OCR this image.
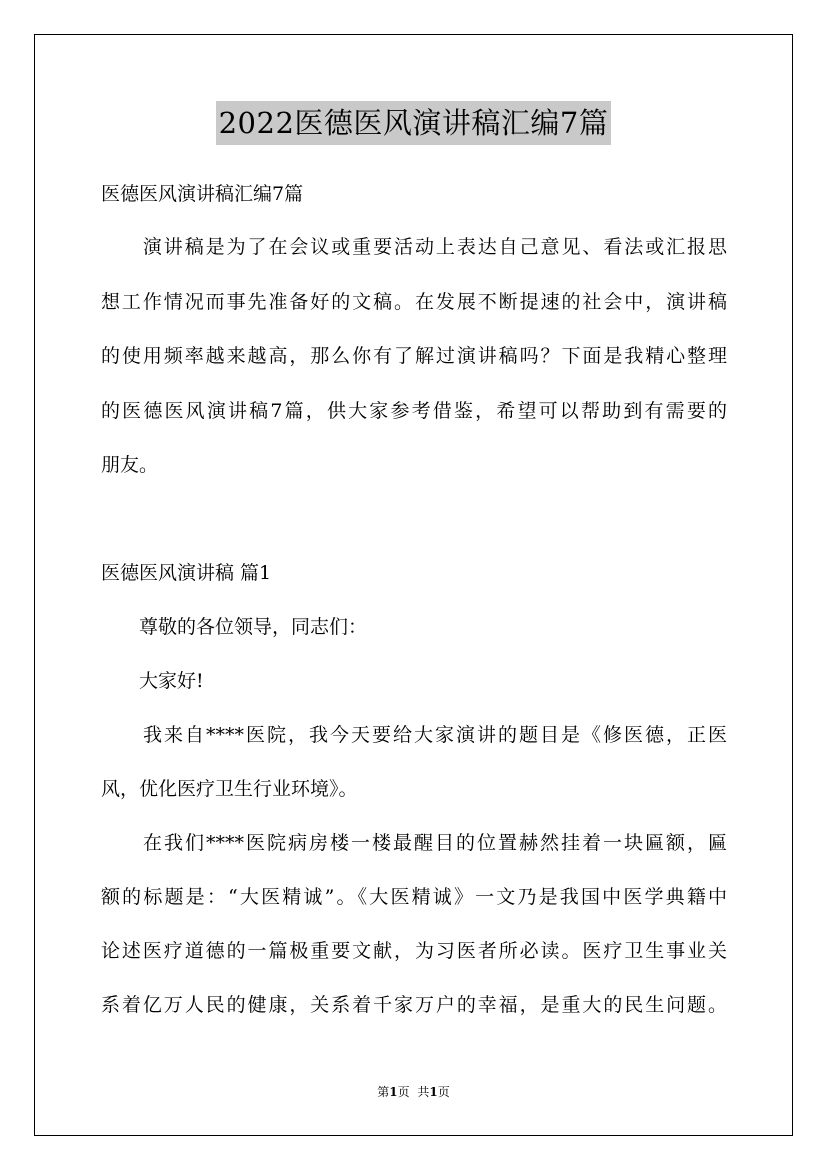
2022医德医风演讲稿汇编7篇
医德医风演讲稿汇编7篇
　　演讲稿是为了在会议或重要活动上表达自己意见、看法或汇报思
想工作情况而事先准备好的文稿。在发展不断提速的社会中，演讲稿
的使用频率越来越高，那么你有了解过演讲稿吗？下面是我精心整理
的医德医风演讲稿7篇，供大家参考借鉴，希望可以帮助到有需要的
朋友。
医德医风演讲稿 篇1
　　尊敬的各位领导，同志们：
　　大家好!
　　我来自****医院，我今天要给大家演讲的题目是《修医德，正医
风，优化医疗卫生行业环境》。
　　在我们****医院病房楼一楼最醒目的位置赫然挂着一块匾额，匾
额的标题是：“大医精诚”。《大医精诚》一文乃是我国中医学典籍中
论述医疗道德的一篇极重要文献，为习医者所必读。医疗卫生事业关
系着亿万人民的健康，关系着千家万户的幸福，是重大的民生问题。
第1页 共1页
